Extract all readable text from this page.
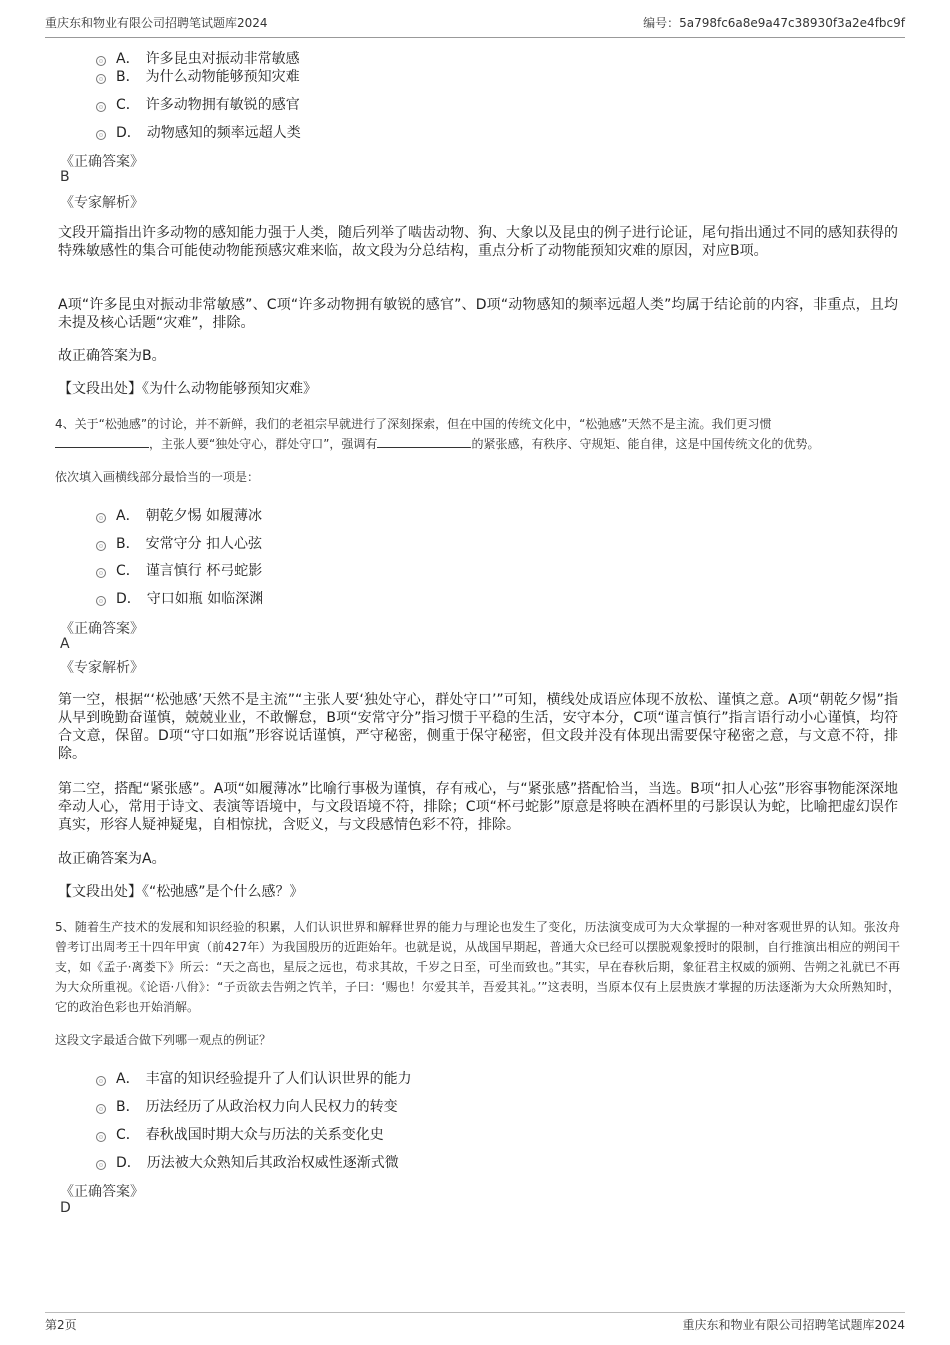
重庆东和物业有限公司招聘笔试题库2024	编号：5a798fc6a8e9a47c38930f3a2e4fbc9f
A． 许多昆虫对振动非常敏感
B． 为什么动物能够预知灾难
C． 许多动物拥有敏锐的感官
D． 动物感知的频率远超人类
《正确答案》
B
《专家解析》
文段开篇指出许多动物的感知能力强于人类，随后列举了啮齿动物、狗、大象以及昆虫的例子进行论证，尾句指出通过不同的感知获得的特殊敏感性的集合可能使动物能预感灾难来临，故文段为分总结构，重点分析了动物能预知灾难的原因，对应B项。
A项“许多昆虫对振动非常敏感”、C项“许多动物拥有敏锐的感官”、D项“动物感知的频率远超人类”均属于结论前的内容，非重点，且均未提及核心话题“灾难”，排除。
故正确答案为B。
【文段出处】《为什么动物能够预知灾难》
4、关于“松弛感”的讨论，并不新鲜，我们的老祖宗早就进行了深刻探索，但在中国的传统文化中，“松弛感”天然不是主流。我们更习惯
，主张人要“独处守心，群处守口”，强调有	的紧张感，有秩序、守规矩、能自律，这是中国传统文化的优势。
依次填入画横线部分最恰当的一项是：
A． 朝乾夕惕 如履薄冰
B． 安常守分 扣人心弦
C． 谨言慎行 杯弓蛇影
D． 守口如瓶 如临深渊
《正确答案》
A
《专家解析》
第一空，根据“‘松弛感’天然不是主流”“主张人要‘独处守心，群处守口’”可知，横线处成语应体现不放松、谨慎之意。A项“朝乾夕惕”指从早到晚勤奋谨慎，兢兢业业，不敢懈怠，B项“安常守分”指习惯于平稳的生活，安守本分，C项“谨言慎行”指言语行动小心谨慎，均符合文意，保留。D项“守口如瓶”形容说话谨慎，严守秘密，侧重于保守秘密，但文段并没有体现出需要保守秘密之意，与文意不符，排除。
第二空，搭配“紧张感”。A项“如履薄冰”比喻行事极为谨慎，存有戒心，与“紧张感”搭配恰当，当选。B项“扣人心弦”形容事物能深深地牵动人心，常用于诗文、表演等语境中，与文段语境不符，排除；C项“杯弓蛇影”原意是将映在酒杯里的弓影误认为蛇，比喻把虚幻误作真实，形容人疑神疑鬼，自相惊扰，含贬义，与文段感情色彩不符，排除。
故正确答案为A。
【文段出处】《“松弛感”是个什么感？》
5、随着生产技术的发展和知识经验的积累，人们认识世界和解释世界的能力与理论也发生了变化，历法演变成可为大众掌握的一种对客观世界的认知。张汝舟曾考订出周考王十四年甲寅（前427年）为我国殷历的近距始年。也就是说，从战国早期起，普通大众已经可以摆脱观象授时的限制，自行推演出相应的朔闰干支，如《孟子·离娄下》所云：“天之高也，星辰之远也，苟求其故，千岁之日至，可坐而致也。”其实，早在春秋后期，象征君主权威的颁朔、告朔之礼就已不再为大众所重视。《论语·八佾》：“子贡欲去告朔之饩羊，子曰：‘赐也！尔爱其羊，吾爱其礼。’”这表明，当原本仅有上层贵族才掌握的历法逐渐为大众所熟知时，它的政治色彩也开始消解。
这段文字最适合做下列哪一观点的例证？
A． 丰富的知识经验提升了人们认识世界的能力
B． 历法经历了从政治权力向人民权力的转变
C． 春秋战国时期大众与历法的关系变化史
D． 历法被大众熟知后其政治权威性逐渐式微
《正确答案》
D
第2页	重庆东和物业有限公司招聘笔试题库2024
